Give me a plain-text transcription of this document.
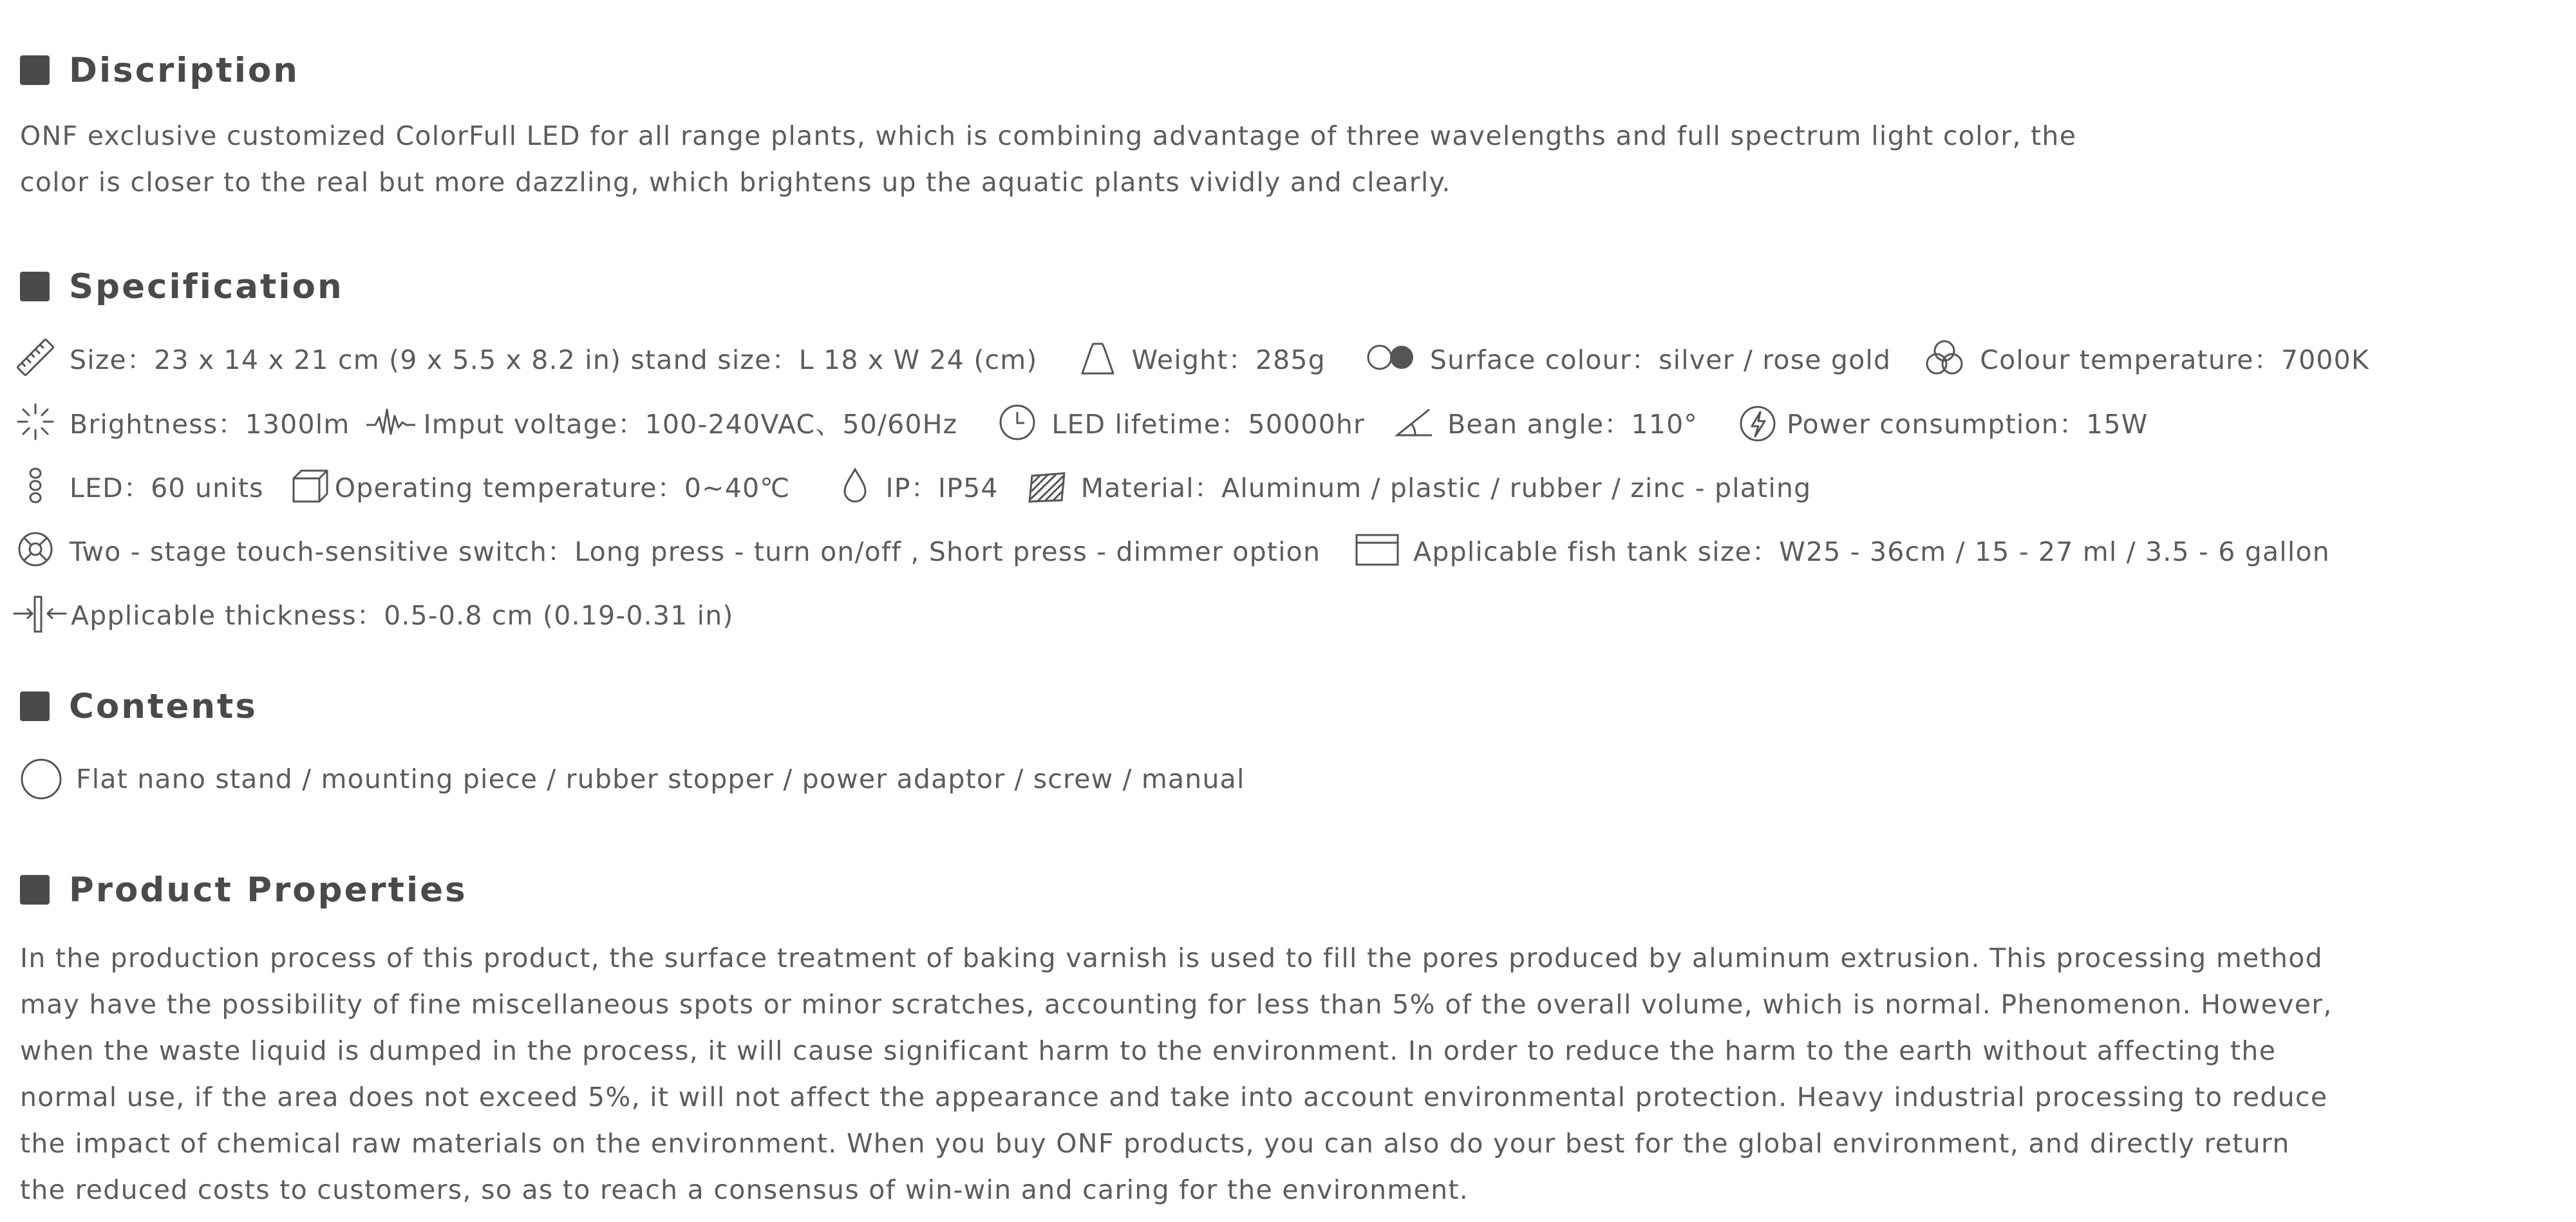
Discription
ONF exclusive customized ColorFull LED for all range plants, which is combining advantage of three wavelengths and full spectrum light color, the
color is closer to the real but more dazzling, which brightens up the aquatic plants vividly and clearly.
Specification
Size：23 x 14 x 21 cm (9 x 5.5 x 8.2 in) stand size：L 18 x W 24 (cm)	Weight：285g	Surface colour：silver / rose gold	Colour temperature：7000K
Brightness：1300lm	Imput voltage：100-240VAC、50/60Hz	LED lifetime：50000hr	Bean angle：110°	Power consumption：15W
LED：60 units	Operating temperature：0~40℃	IP：IP54	Material：Aluminum / plastic / rubber / zinc - plating
Two - stage touch-sensitive switch：Long press - turn on/off , Short press - dimmer option	Applicable fish tank size：W25 - 36cm / 15 - 27 ml / 3.5 - 6 gallon
Applicable thickness：0.5-0.8 cm (0.19-0.31 in)
Contents
Flat nano stand / mounting piece / rubber stopper / power adaptor / screw / manual
Product Properties
In the production process of this product, the surface treatment of baking varnish is used to fill the pores produced by aluminum extrusion. This processing method
may have the possibility of fine miscellaneous spots or minor scratches, accounting for less than 5% of the overall volume, which is normal. Phenomenon. However,
when the waste liquid is dumped in the process, it will cause significant harm to the environment. In order to reduce the harm to the earth without affecting the
normal use, if the area does not exceed 5%, it will not affect the appearance and take into account environmental protection. Heavy industrial processing to reduce
the impact of chemical raw materials on the environment. When you buy ONF products, you can also do your best for the global environment, and directly return
the reduced costs to customers, so as to reach a consensus of win-win and caring for the environment.
